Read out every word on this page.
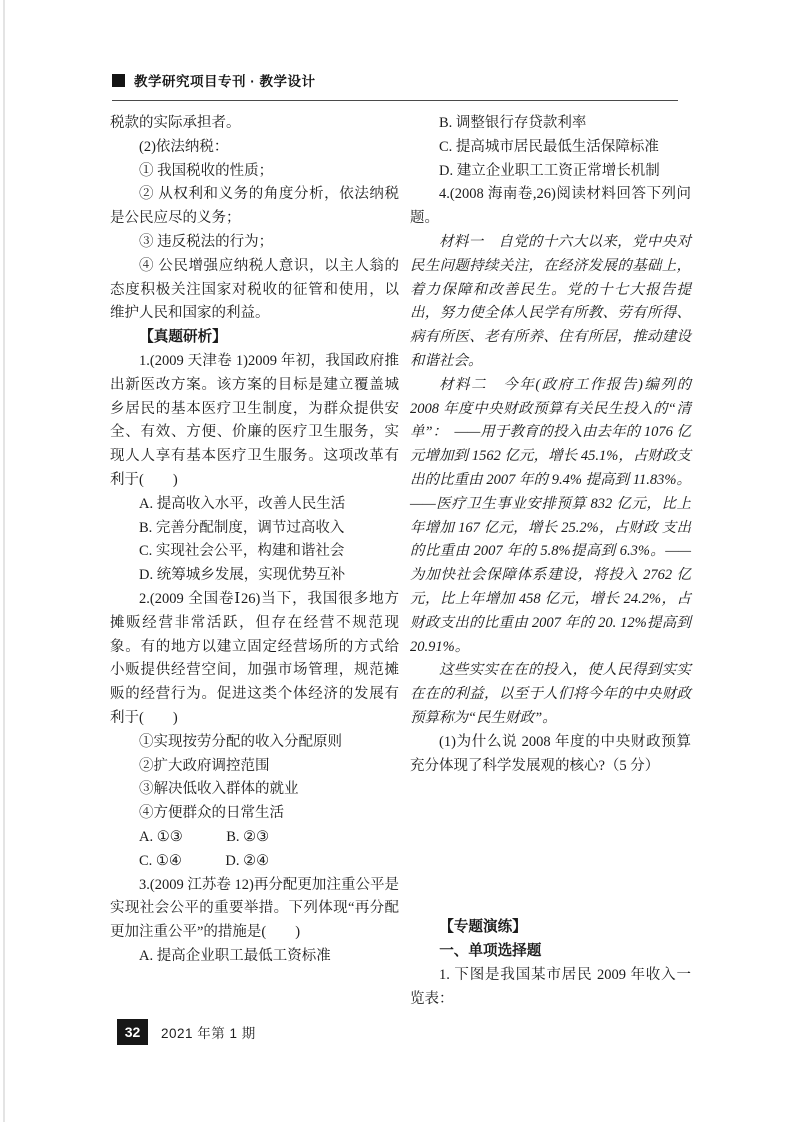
教学研究项目专刊 · 教学设计

税款的实际承担者。

(2)依法纳税：

① 我国税收的性质；

② 从权利和义务的角度分析，依法纳税是公民应尽的义务；

③ 违反税法的行为；

④ 公民增强应纳税人意识，以主人翁的态度积极关注国家对税收的征管和使用，以维护人民和国家的利益。

【真题研析】

1.(2009 天津卷 1)2009 年初，我国政府推出新医改方案。该方案的目标是建立覆盖城乡居民的基本医疗卫生制度，为群众提供安全、有效、方便、价廉的医疗卫生服务，实现人人享有基本医疗卫生服务。这项改革有利于(　　)

A. 提高收入水平，改善人民生活

B. 完善分配制度，调节过高收入

C. 实现社会公平，构建和谐社会

D. 统筹城乡发展，实现优势互补

2.(2009 全国卷Ⅰ26)当下，我国很多地方摊贩经营非常活跃，但存在经营不规范现象。有的地方以建立固定经营场所的方式给小贩提供经营空间，加强市场管理，规范摊贩的经营行为。促进这类个体经济的发展有利于(　　)

①实现按劳分配的收入分配原则

②扩大政府调控范围

③解决低收入群体的就业

④方便群众的日常生活

A. ①③　　　B. ②③

C. ①④　　　D. ②④

3.(2009 江苏卷 12)再分配更加注重公平是实现社会公平的重要举措。下列体现“再分配更加注重公平”的措施是(　　)

A. 提高企业职工最低工资标准

B. 调整银行存贷款利率

C. 提高城市居民最低生活保障标准

D. 建立企业职工工资正常增长机制

4.(2008 海南卷,26)阅读材料回答下列问题。

材料一　自党的十六大以来，党中央对民生问题持续关注，在经济发展的基础上，着力保障和改善民生。党的十七大报告提出，努力使全体人民学有所教、劳有所得、病有所医、老有所养、住有所居，推动建设和谐社会。

材料二　今年(政府工作报告)编列的 2008 年度中央财政预算有关民生投入的“清单”：　——用于教育的投入由去年的 1076 亿元增加到 1562 亿元，增长 45.1%，占财政支出的比重由 2007 年的 9.4% 提高到 11.83%。——医疗卫生事业安排预算 832 亿元，比上年增加 167 亿元，增长 25.2%，占财政 支出的比重由 2007 年的 5.8%提高到 6.3%。——为加快社会保障体系建设，将投入 2762 亿元，比上年增加 458 亿元，增长 24.2%，占财政支出的比重由 2007 年的 20. 12%提高到 20.91%。

这些实实在在的投入，使人民得到实实在在的利益，以至于人们将今年的中央财政预算称为“民生财政”。

(1)为什么说 2008 年度的中央财政预算充分体现了科学发展观的核心?（5 分）

【专题演练】

一、单项选择题

1. 下图是我国某市居民 2009 年收入一览表：

32 2021 年第 1 期
